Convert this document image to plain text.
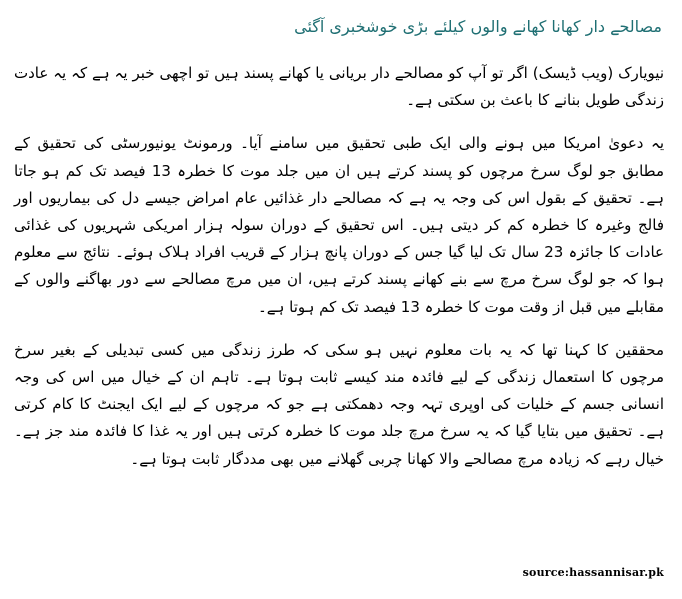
مصالحے دار کھانا کھانے والوں کیلئے بڑی خوشخبری آگئی

نیویارک (ویب ڈیسک) اگر تو آپ کو مصالحے دار بریانی یا کھانے پسند ہیں تو اچھی خبر یہ ہے کہ یہ عادت زندگی طویل بنانے کا باعث بن سکتی ہے۔

یہ دعویٰ امریکا میں ہونے والی ایک طبی تحقیق میں سامنے آیا۔ ورمونٹ یونیورسٹی کی تحقیق کے مطابق جو لوگ سرخ مرچوں کو پسند کرتے ہیں ان میں جلد موت کا خطرہ 13 فیصد تک کم ہو جاتا ہے۔ تحقیق کے بقول اس کی وجہ یہ ہے کہ مصالحے دار غذائیں عام امراض جیسے دل کی بیماریوں اور فالج وغیرہ کا خطرہ کم کر دیتی ہیں۔ اس تحقیق کے دوران سولہ ہزار امریکی شہریوں کی غذائی عادات کا جائزہ 23 سال تک لیا گیا جس کے دوران پانچ ہزار کے قریب افراد ہلاک ہوئے۔ نتائج سے معلوم ہوا کہ جو لوگ سرخ مرچ سے بنے کھانے پسند کرتے ہیں، ان میں مرچ مصالحے سے دور بھاگنے والوں کے مقابلے میں قبل از وقت موت کا خطرہ 13 فیصد تک کم ہوتا ہے۔

محققین کا کہنا تھا کہ یہ بات معلوم نہیں ہو سکی کہ طرز زندگی میں کسی تبدیلی کے بغیر سرخ مرچوں کا استعمال زندگی کے لیے فائدہ مند کیسے ثابت ہوتا ہے۔ تاہم ان کے خیال میں اس کی وجہ انسانی جسم کے خلیات کی اوپری تہہ وجہ دھمکتی ہے جو کہ مرچوں کے لیے ایک ایجنٹ کا کام کرتی ہے۔ تحقیق میں بتایا گیا کہ یہ سرخ مرچ جلد موت کا خطرہ کرتی ہیں اور یہ غذا کا فائدہ مند جز ہے۔ خیال رہے کہ زیادہ مرچ مصالحے والا کھانا چربی گھلانے میں بھی مددگار ثابت ہوتا ہے۔

source:hassannisar.pk
